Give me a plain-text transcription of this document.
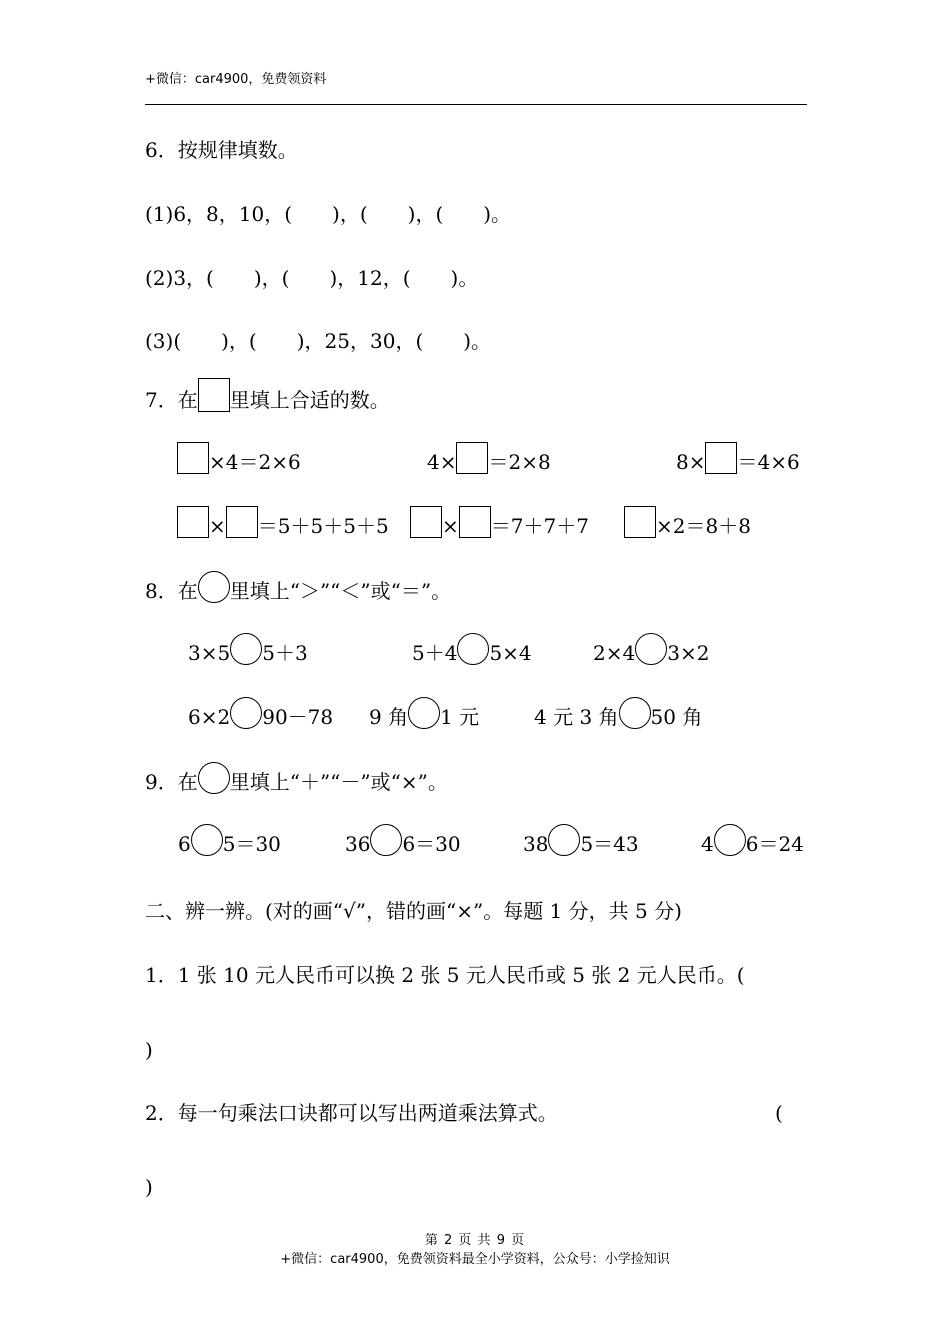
+微信：car4900，免费领资料
6．按规律填数。
(1)6，8，10，(　　)，(　　)，(　　)。
(2)3，(　　)，(　　)，12，(　　)。
(3)(　　)，(　　)，25，30，(　　)。
7．在 里填上合适的数。
×4＝2×6	4× ＝2×8	8× ＝4×6
× ＝5＋5＋5＋5	× ＝7＋7＋7	×2＝8＋8
8．在 里填上“＞”“＜”或“＝”。
3×5 5＋3	5＋4 5×4	2×4 3×2
6×2 90－78 9 角 1 元	4 元 3 角 50 角
9．在 里填上“＋”“－”或“×”。
6 5＝30	36 6＝30	38 5＝43	4 6＝24
二、辨一辨。(对的画“√”，错的画“×”。每题 1 分，共 5 分)
1．1 张 10 元人民币可以换 2 张 5 元人民币或 5 张 2 元人民币。(
)
2．每一句乘法口诀都可以写出两道乘法算式。	(
)
第 2 页 共 9 页
+微信：car4900，免费领资料最全小学资料，公众号：小学捡知识
